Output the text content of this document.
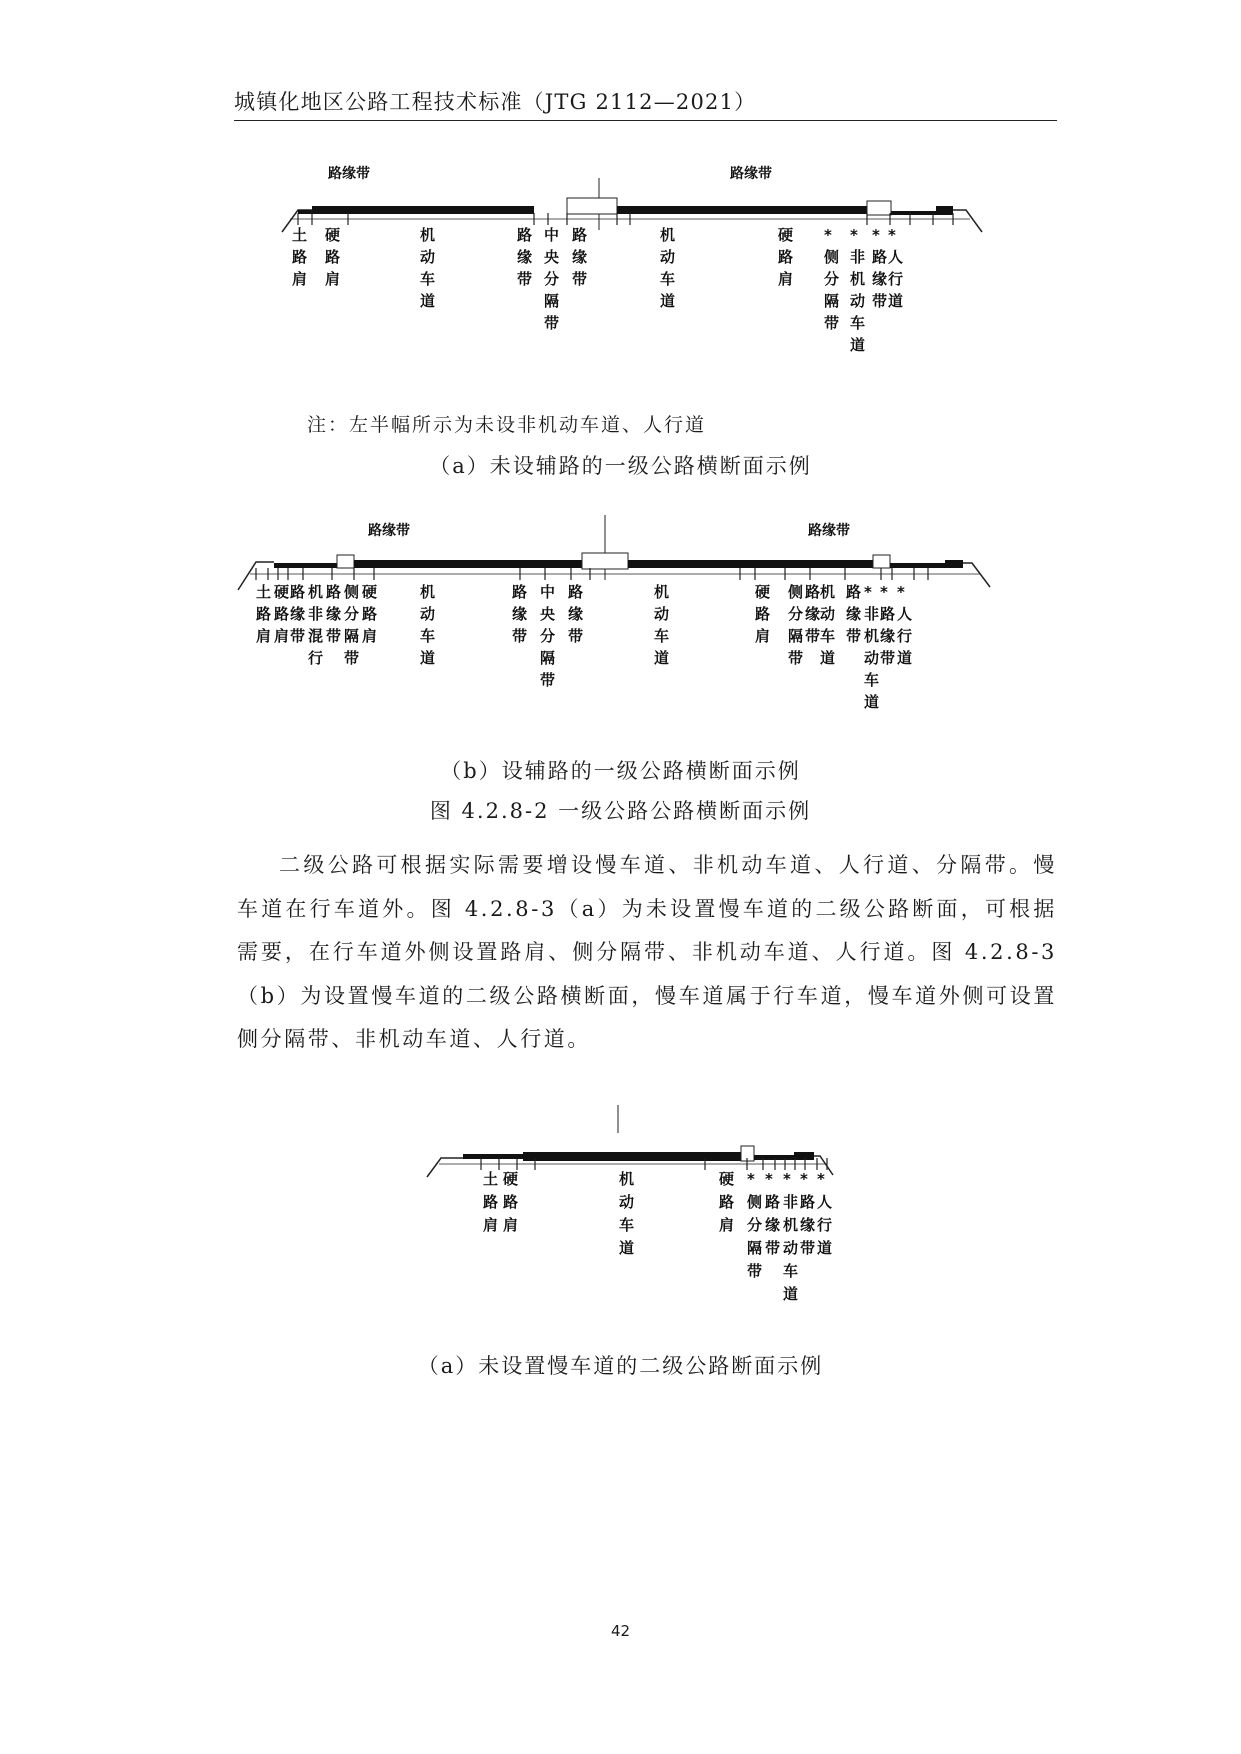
城镇化地区公路工程技术标准（JTG 2112—2021）
路缘带	路缘带
土路肩
硬路肩
机动车道
路缘带
中央分隔带
路缘带
机动车道
硬路肩
*侧分隔带
*非机动车道
*路缘带
*人行道
注：左半幅所示为未设非机动车道、人行道
（a）未设辅路的一级公路横断面示例
路缘带	路缘带
土路肩
硬路肩
路缘带
机非混行
路缘带
侧分隔带
硬路肩
机动车道
路缘带
中央分隔带
路缘带
机动车道
硬路肩
侧分隔带
路缘带
机动车道
路缘带
*非机动车道
*路缘带
*人行道
（b）设辅路的一级公路横断面示例
图 4.2.8-2 一级公路公路横断面示例

二级公路可根据实际需要增设慢车道、非机动车道、人行道、分隔带。慢车道在行车道外。图 4.2.8-3（a）为未设置慢车道的二级公路断面，可根据需要，在行车道外侧设置路肩、侧分隔带、非机动车道、人行道。图 4.2.8-3（b）为设置慢车道的二级公路横断面，慢车道属于行车道，慢车道外侧可设置侧分隔带、非机动车道、人行道。

土路肩
硬路肩
机动车道
硬路肩
*侧分隔带
*路缘带
*非机动车道
*路缘带
*人行道
（a）未设置慢车道的二级公路断面示例
42
